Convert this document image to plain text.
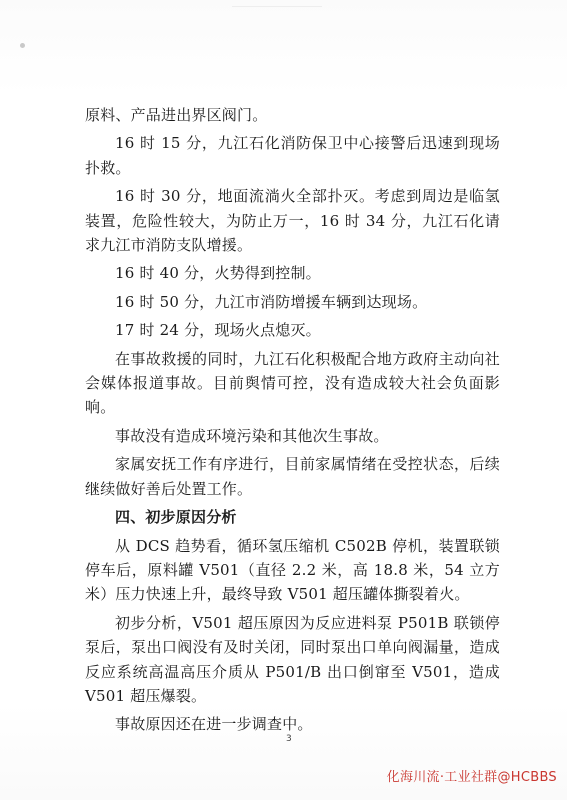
原料、产品进出界区阀门。

16 时 15 分，九江石化消防保卫中心接警后迅速到现场扑救。

16 时 30 分，地面流淌火全部扑灭。考虑到周边是临氢装置，危险性较大，为防止万一，16 时 34 分，九江石化请求九江市消防支队增援。

16 时 40 分，火势得到控制。

16 时 50 分，九江市消防增援车辆到达现场。

17 时 24 分，现场火点熄灭。

在事故救援的同时，九江石化积极配合地方政府主动向社会媒体报道事故。目前舆情可控，没有造成较大社会负面影响。

事故没有造成环境污染和其他次生事故。

家属安抚工作有序进行，目前家属情绪在受控状态，后续继续做好善后处置工作。

四、初步原因分析

从 DCS 趋势看，循环氢压缩机 C502B 停机，装置联锁停车后，原料罐 V501（直径 2.2 米，高 18.8 米，54 立方米）压力快速上升，最终导致 V501 超压罐体撕裂着火。

初步分析，V501 超压原因为反应进料泵 P501B 联锁停泵后，泵出口阀没有及时关闭，同时泵出口单向阀漏量，造成反应系统高温高压介质从 P501/B 出口倒窜至 V501，造成 V501 超压爆裂。

事故原因还在进一步调查中。

3
化海川流·工业社群@HCBBS
